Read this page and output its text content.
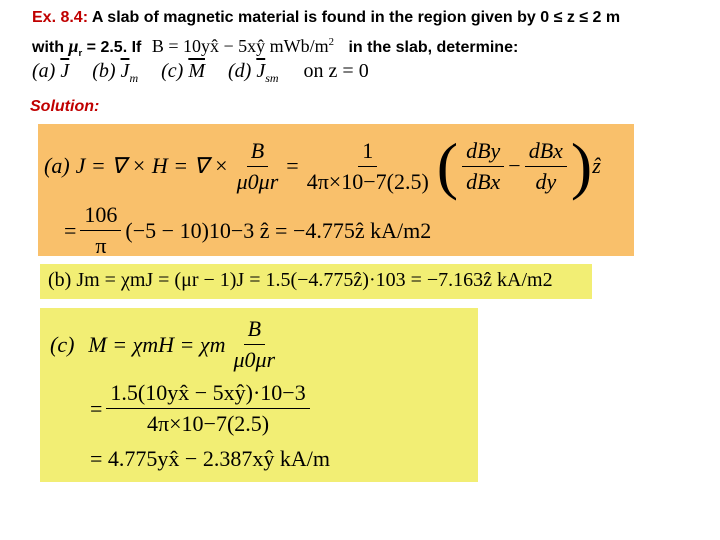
Ex. 8.4: A slab of magnetic material is found in the region given by 0 ≤ z ≤ 2 m
with $\mu_r = 2.5$. If B = 10yx̂ − 5xŷ mWb/$m^2$ in the slab, determine:
(a) $\overline{J}$ (b) $\overline{J}_m$ (c) $\overline{M}$ (d) $\overline{J}_{sm}$ on z = 0
Solution:
(a) J = ∇ × H = ∇ × $\frac{B}{\mu 0\mu r} = \frac{1}{4\pi\times 10-7(2.5)}$ ( $\frac{\text{dBy}}{\text{dBx}} - \frac{\text{dBx}}{dy}$ ) ẑ
= $\frac{106}{\pi} (-5 - 10)10-3$ ẑ = −4.775ẑ kA/m2
(b) Jm = χmJ = (μr − 1)J = 1.5(−4.775ẑ)·103 = −7.163ẑ kA/m2
(c) M = χmH = χm $\frac{B}{\mu 0\mu r}$
= $\frac{1.5(10yx̂ - 5xŷ)\cdot 10-3}{4\pi\times 10-7(2.5)}$
= 4.775yx̂ − 2.387xŷ kA/m
